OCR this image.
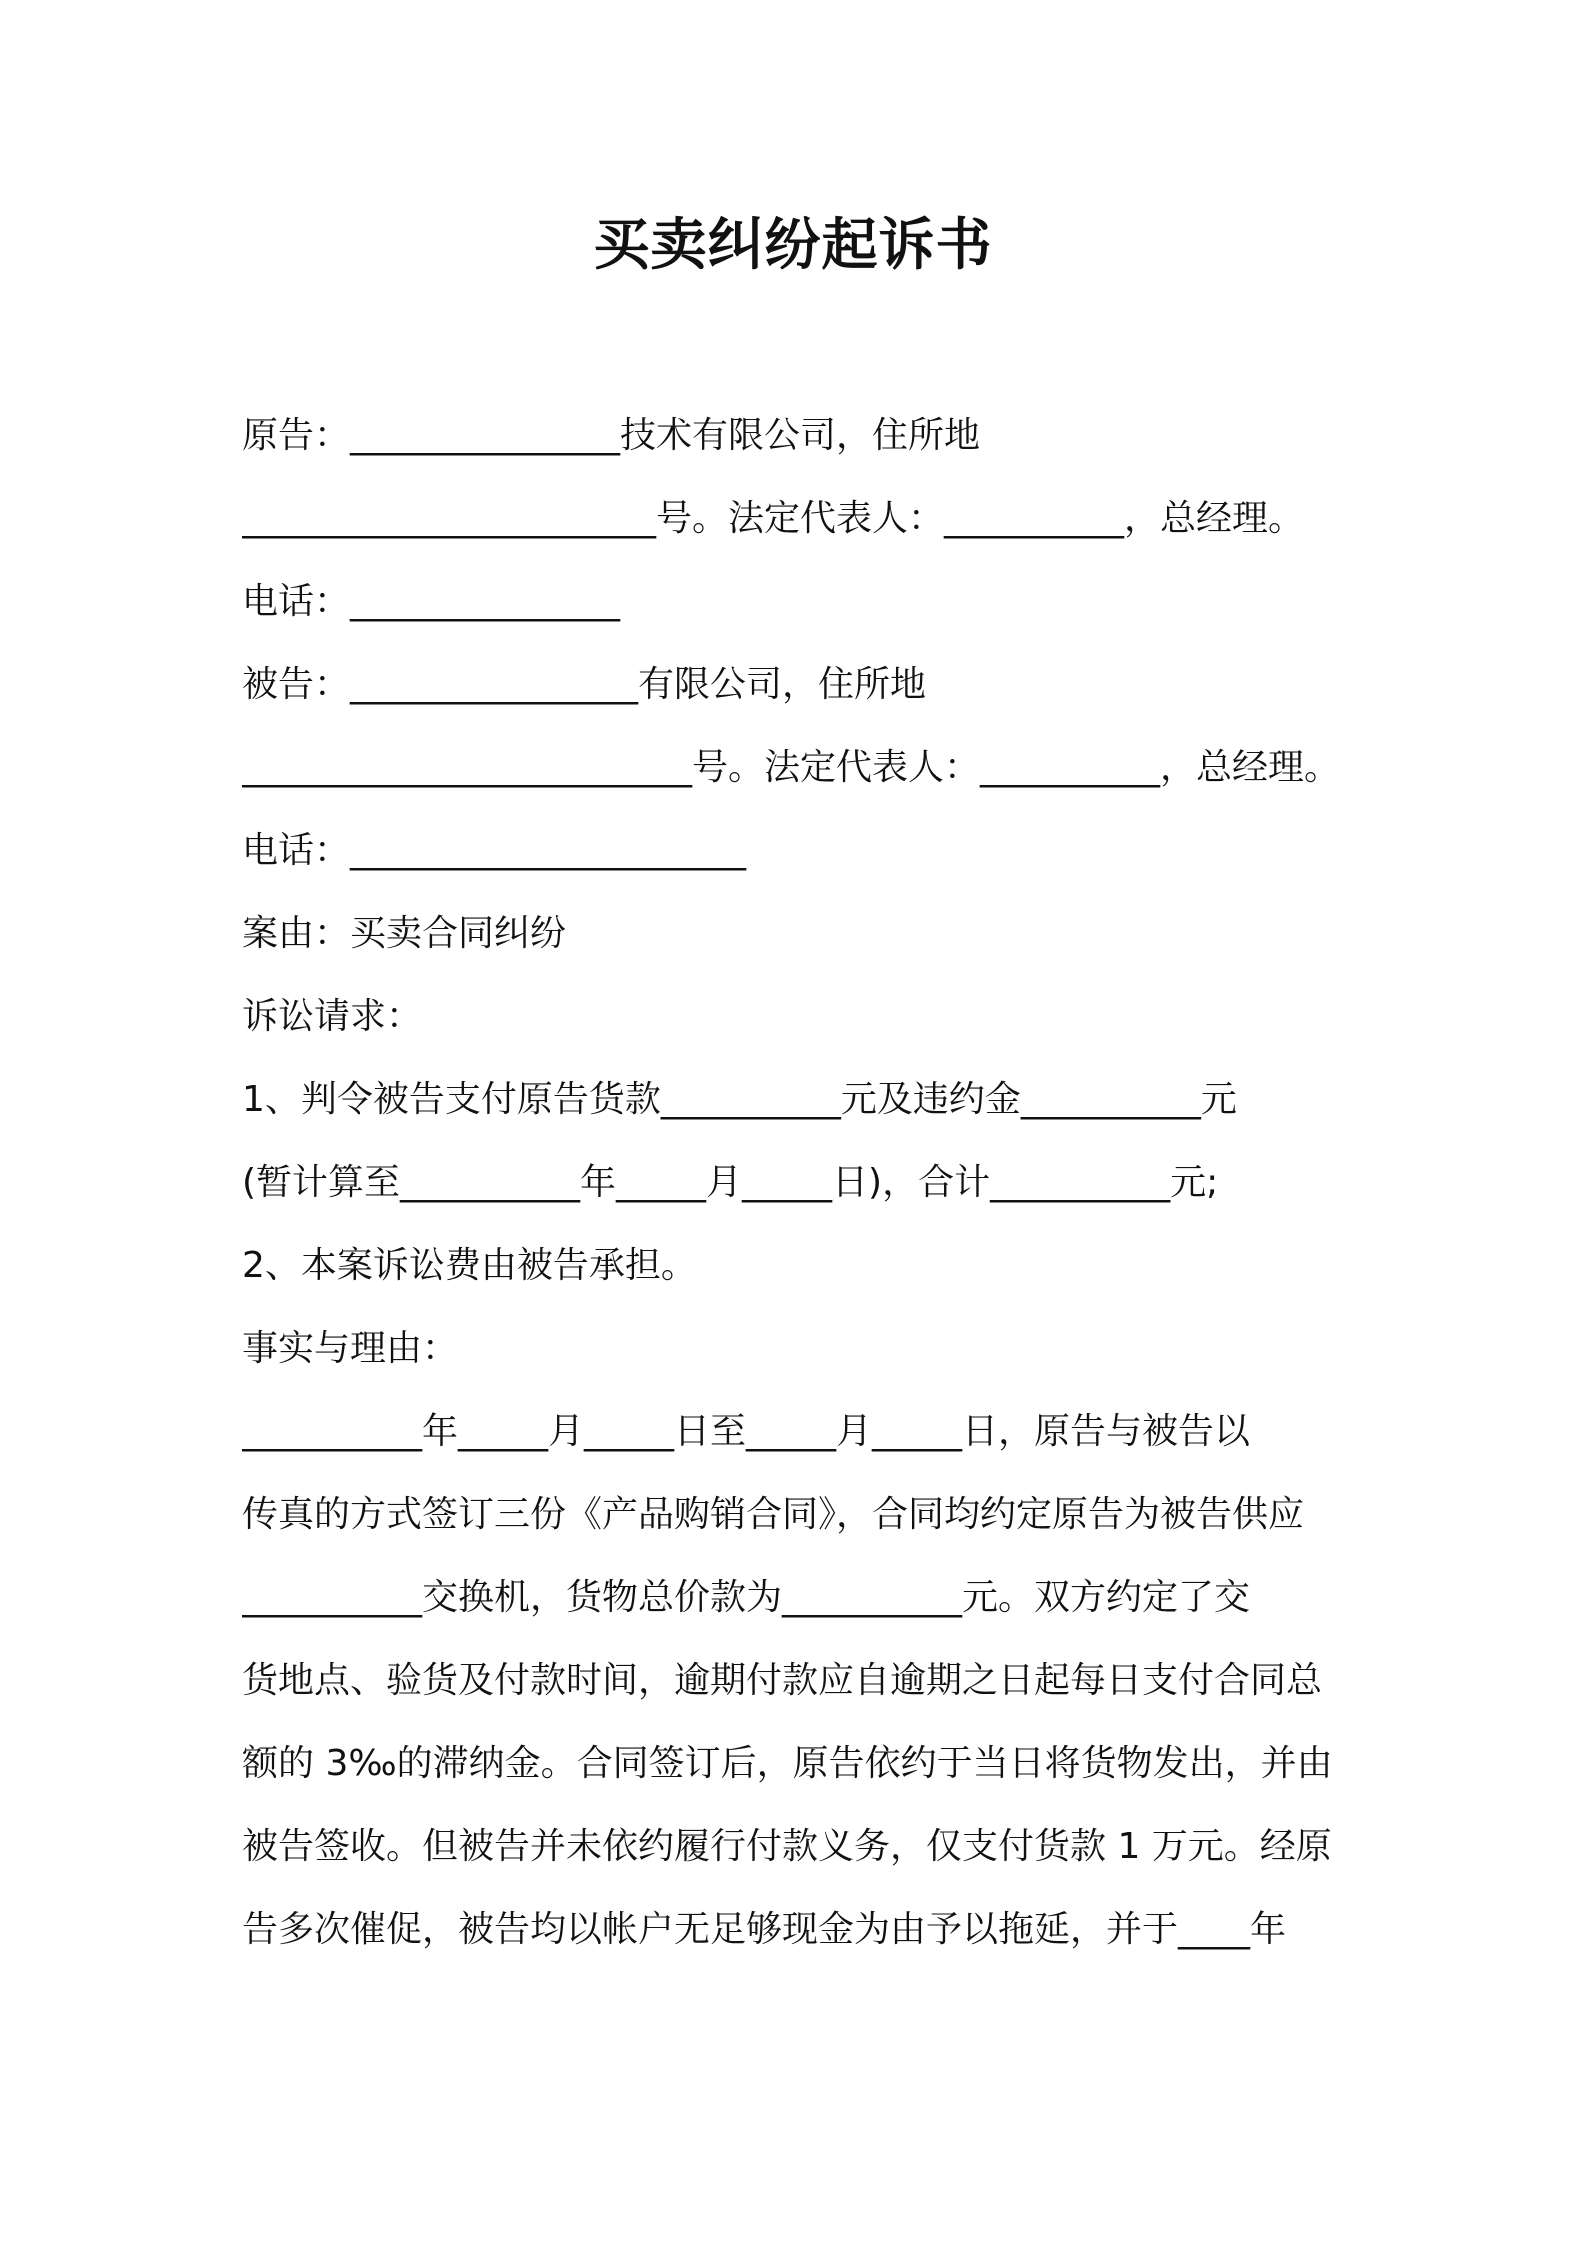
买卖纠纷起诉书
原告：_______________技术有限公司，住所地
_______________________号。法定代表人：__________，总经理。
电话：_______________
被告：________________有限公司，住所地
_________________________号。法定代表人：__________，总经理。
电话：______________________
案由：买卖合同纠纷
诉讼请求：
1、判令被告支付原告货款__________元及违约金__________元
(暂计算至__________年_____月_____日)，合计__________元;
2、本案诉讼费由被告承担。
事实与理由：
__________年_____月_____日至_____月_____日，原告与被告以
传真的方式签订三份《产品购销合同》，合同均约定原告为被告供应
__________交换机，货物总价款为__________元。双方约定了交
货地点、验货及付款时间，逾期付款应自逾期之日起每日支付合同总
额的 3‰的滞纳金。合同签订后，原告依约于当日将货物发出，并由
被告签收。但被告并未依约履行付款义务，仅支付货款 1 万元。经原
告多次催促，被告均以帐户无足够现金为由予以拖延，并于____年
